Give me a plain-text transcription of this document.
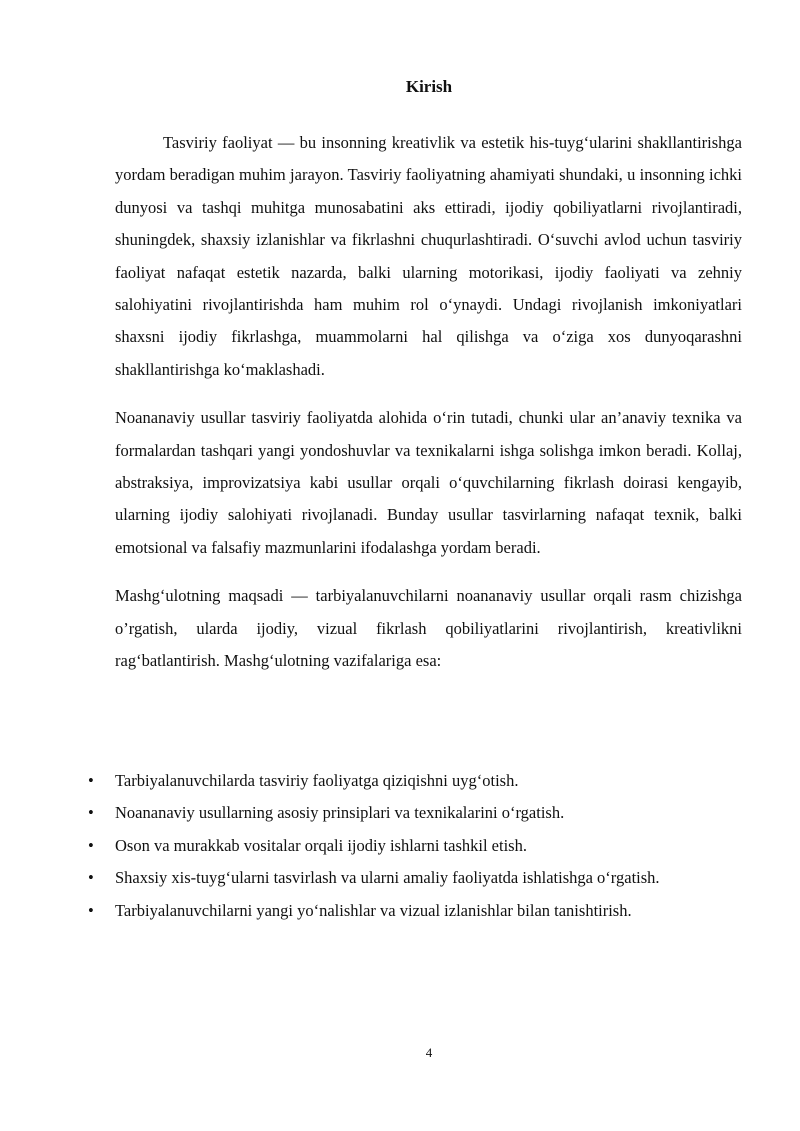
Kirish

Tasviriy faoliyat — bu insonning kreativlik va estetik his-tuyg‘ularini shakllantirishga yordam beradigan muhim jarayon. Tasviriy faoliyatning ahamiyati shundaki, u insonning ichki dunyosi va tashqi muhitga munosabatini aks ettiradi, ijodiy qobiliyatlarni rivojlantiradi, shuningdek, shaxsiy izlanishlar va fikrlashni chuqurlashtiradi. O‘suvchi avlod uchun tasviriy faoliyat nafaqat estetik nazarda, balki ularning motorikasi, ijodiy faoliyati va zehniy salohiyatini rivojlantirishda ham muhim rol o‘ynaydi. Undagi rivojlanish imkoniyatlari shaxsni ijodiy fikrlashga, muammolarni hal qilishga va o‘ziga xos dunyoqarashni shakllantirishga ko‘maklashadi.

Noananaviy usullar tasviriy faoliyatda alohida o‘rin tutadi, chunki ular an’anaviy texnika va formalardan tashqari yangi yondoshuvlar va texnikalarni ishga solishga imkon beradi. Kollaj, abstraksiya, improvizatsiya kabi usullar orqali o‘quvchilarning fikrlash doirasi kengayib, ularning ijodiy salohiyati rivojlanadi. Bunday usullar tasvirlarning nafaqat texnik, balki emotsional va falsafiy mazmunlarini ifodalashga yordam beradi.

Mashg‘ulotning maqsadi — tarbiyalanuvchilarni noananaviy usullar orqali rasm chizishga o’rgatish, ularda ijodiy, vizual fikrlash qobiliyatlarini rivojlantirish, kreativlikni rag‘batlantirish. Mashg‘ulotning vazifalariga esa:

• Tarbiyalanuvchilarda tasviriy faoliyatga qiziqishni uyg‘otish.
• Noananaviy usullarning asosiy prinsiplari va texnikalarini o‘rgatish.
• Oson va murakkab vositalar orqali ijodiy ishlarni tashkil etish.
• Shaxsiy xis-tuyg‘ularni tasvirlash va ularni amaliy faoliyatda ishlatishga o‘rgatish.
• Tarbiyalanuvchilarni yangi yo‘nalishlar va vizual izlanishlar bilan tanishtirish.
4
